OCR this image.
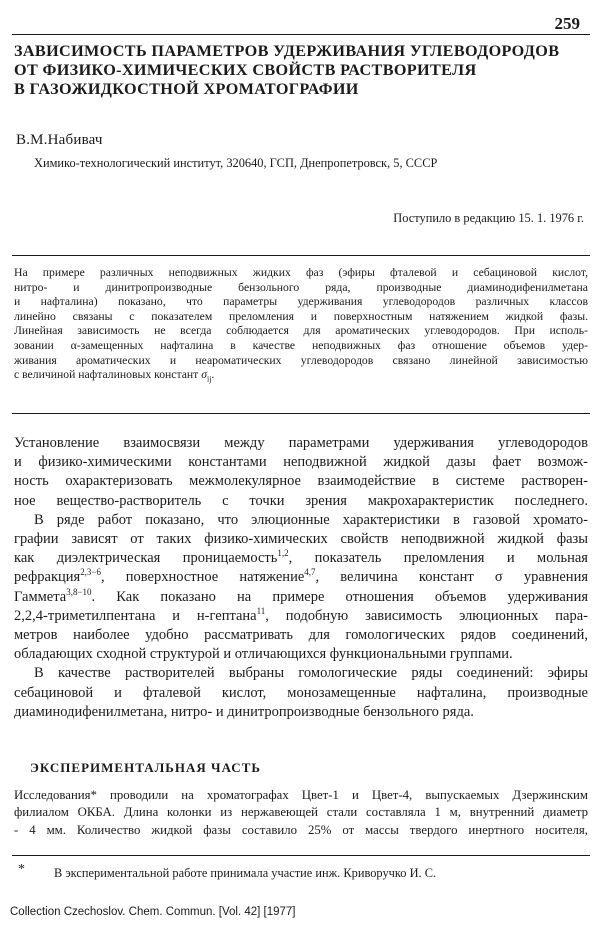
259
ЗАВИСИМОСТЬ ПАРАМЕТРОВ УДЕРЖИВАНИЯ УГЛЕВОДОРОДОВ
ОТ ФИЗИКО-ХИМИЧЕСКИХ СВОЙСТВ РАСТВОРИТЕЛЯ
В ГАЗОЖИДКОСТНОЙ ХРОМАТОГРАФИИ
В.М.Набивач
Химико-технологический институт, 320640, ГСП, Днепропетровск, 5, СССР
Поступило в редакцию 15. 1. 1976 г.
На примере различных неподвижных жидких фаз (эфиры фталевой и себациновой кислот,
нитро- и динитропроизводные бензольного ряда, производные диаминодифенилметана
и нафталина) показано, что параметры удерживания углеводородов различных классов
линейно связаны с показателем преломления и поверхностным натяжением жидкой фазы.
Линейная зависимость не всегда соблюдается для ароматических углеводородов. При исполь-
зовании α-замещенных нафталина в качестве неподвижных фаз отношение объемов удер-
живания ароматических и неароматических углеводородов связано линейной зависимостью
с величиной нафталиновых констант $\sigma_{ij}$.

Установление взаимосвязи между параметрами удерживания углеводородов
и физико-химическими константами неподвижной жидкой дазы фает возмож-
ность охарактеризовать межмолекулярное взаимодействие в системе растворен-
ное вещество-растворитель с точки зрения макрохарактеристик последнего.

В ряде работ показано, что элюционные характеристики в газовой хромато-
графии зависят от таких физико-химических свойств неподвижной жидкой фазы
как диэлектрическая проницаемость$^{1,2}$, показатель преломления и мольная
рефракция$^{2,3-6}$, поверхностное натяжение$^{4,7}$, величина констант σ уравнения
Гаммета$^{3,8-10}$. Как показано на примере отношения объемов удерживания
2,2,4-триметилпентана и н-гептана$^{11}$, подобную зависимость элюционных пара-
метров наиболее удобно рассматривать для гомологических рядов соединений,
обладающих сходной структурой и отличающихся функциональными группами.

В качестве растворителей выбраны гомологические ряды соединений: эфиры
себациновой и фталевой кислот, монозамещенные нафталина, производные
диаминодифенилметана, нитро- и динитропроизводные бензольного ряда.

ЭКСПЕРИМЕНТАЛЬНАЯ ЧАСТЬ
Исследования* проводили на хроматографах Цвет-1 и Цвет-4, выпускаемых Дзержинским
филиалом ОКБА. Длина колонки из нержавеющей стали составляла 1 м, внутренний диаметр
- 4 мм. Количество жидкой фазы составило 25% от массы твердого инертного носителя,
* В экспериментальной работе принимала участие инж. Криворучко И. С.
Collection Czechoslov. Chem. Commun. [Vol. 42] [1977]
